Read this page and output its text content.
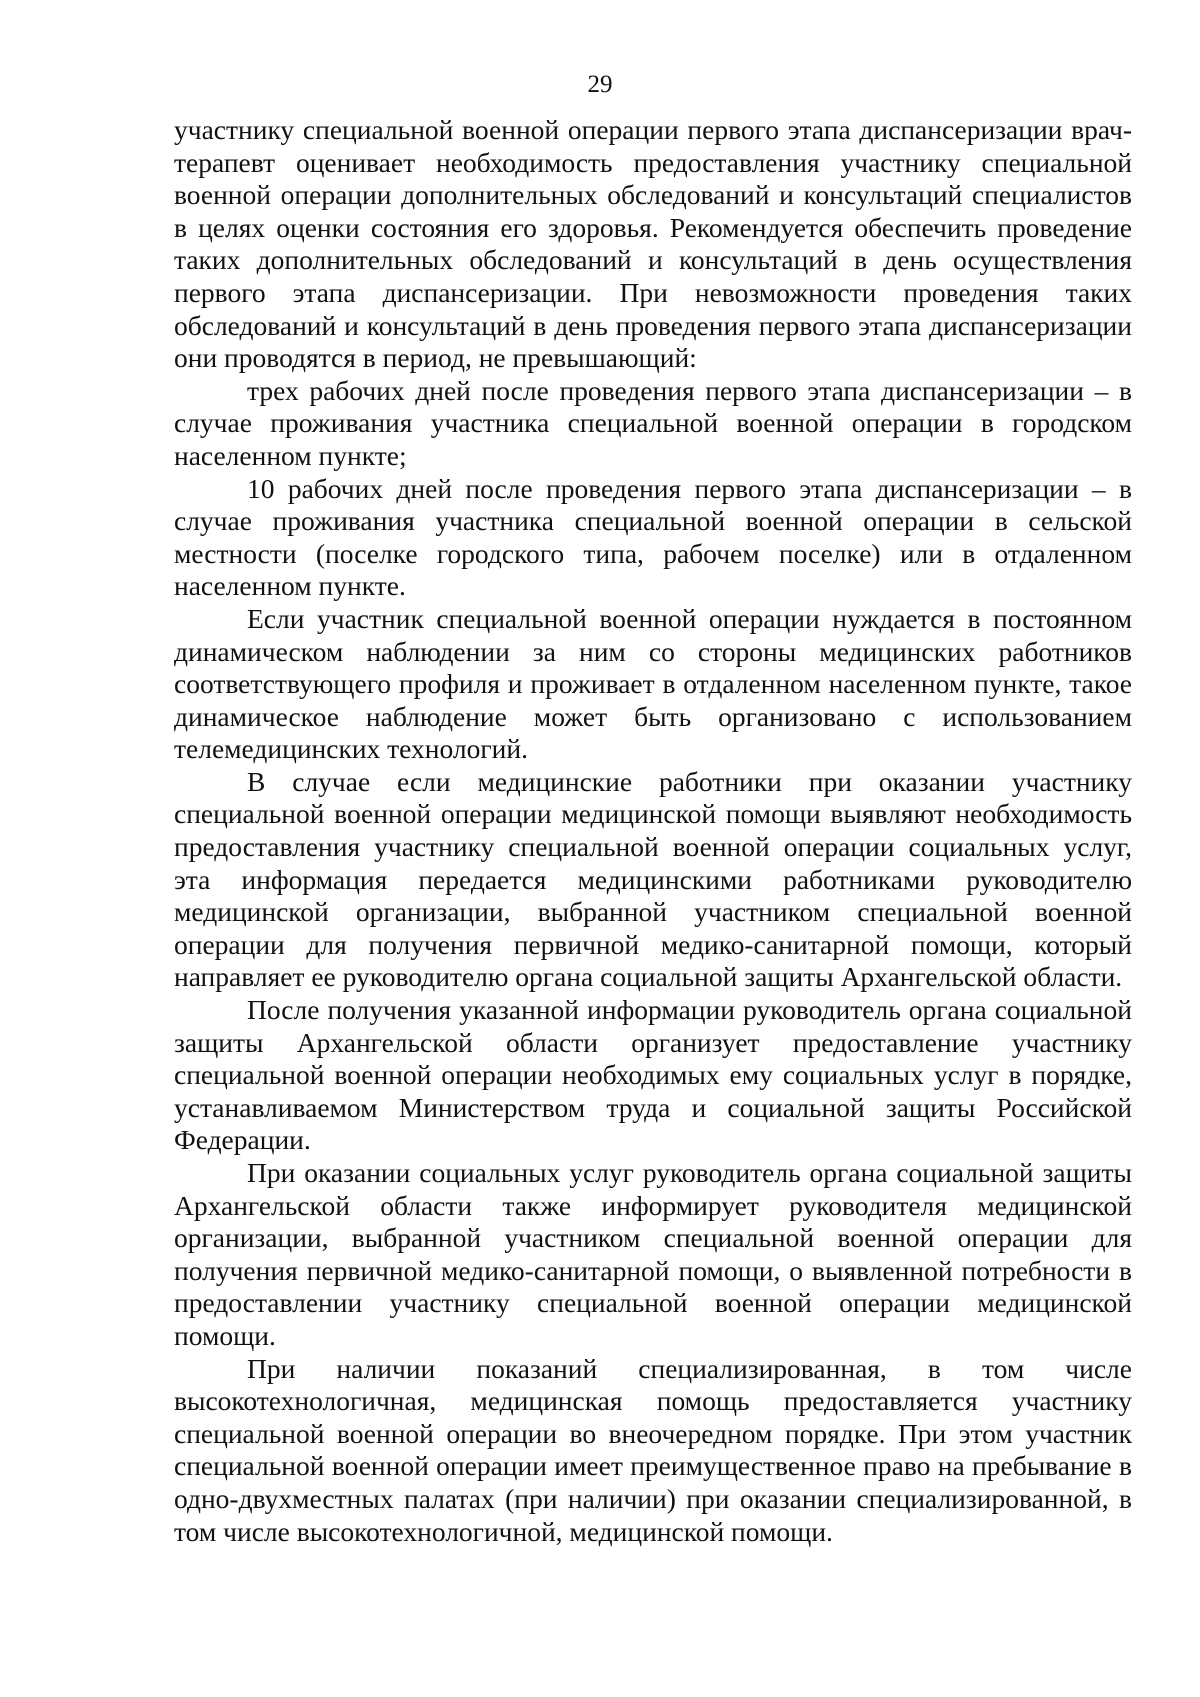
29

участнику специальной военной операции первого этапа диспансеризации врач-терапевт оценивает необходимость предоставления участнику специальной военной операции дополнительных обследований и консультаций специалистов в целях оценки состояния его здоровья. Рекомендуется обеспечить проведение таких дополнительных обследований и консультаций в день осуществления первого этапа диспансеризации. При невозможности проведения таких обследований и консультаций в день проведения первого этапа диспансеризации они проводятся в период, не превышающий:

трех рабочих дней после проведения первого этапа диспансеризации – в случае проживания участника специальной военной операции в городском населенном пункте;

10 рабочих дней после проведения первого этапа диспансеризации – в случае проживания участника специальной военной операции в сельской местности (поселке городского типа, рабочем поселке) или в отдаленном населенном пункте.

Если участник специальной военной операции нуждается в постоянном динамическом наблюдении за ним со стороны медицинских работников соответствующего профиля и проживает в отдаленном населенном пункте, такое динамическое наблюдение может быть организовано с использованием телемедицинских технологий.

В случае если медицинские работники при оказании участнику специальной военной операции медицинской помощи выявляют необходимость предоставления участнику специальной военной операции социальных услуг, эта информация передается медицинскими работниками руководителю медицинской организации, выбранной участником специальной военной операции для получения первичной медико-санитарной помощи, который направляет ее руководителю органа социальной защиты Архангельской области.

После получения указанной информации руководитель органа социальной защиты Архангельской области организует предоставление участнику специальной военной операции необходимых ему социальных услуг в порядке, устанавливаемом Министерством труда и социальной защиты Российской Федерации.

При оказании социальных услуг руководитель органа социальной защиты Архангельской области также информирует руководителя медицинской организации, выбранной участником специальной военной операции для получения первичной медико-санитарной помощи, о выявленной потребности в предоставлении участнику специальной военной операции медицинской помощи.

При наличии показаний специализированная, в том числе высокотехнологичная, медицинская помощь предоставляется участнику специальной военной операции во внеочередном порядке. При этом участник специальной военной операции имеет преимущественное право на пребывание в одно-двухместных палатах (при наличии) при оказании специализированной, в том числе высокотехнологичной, медицинской помощи.
